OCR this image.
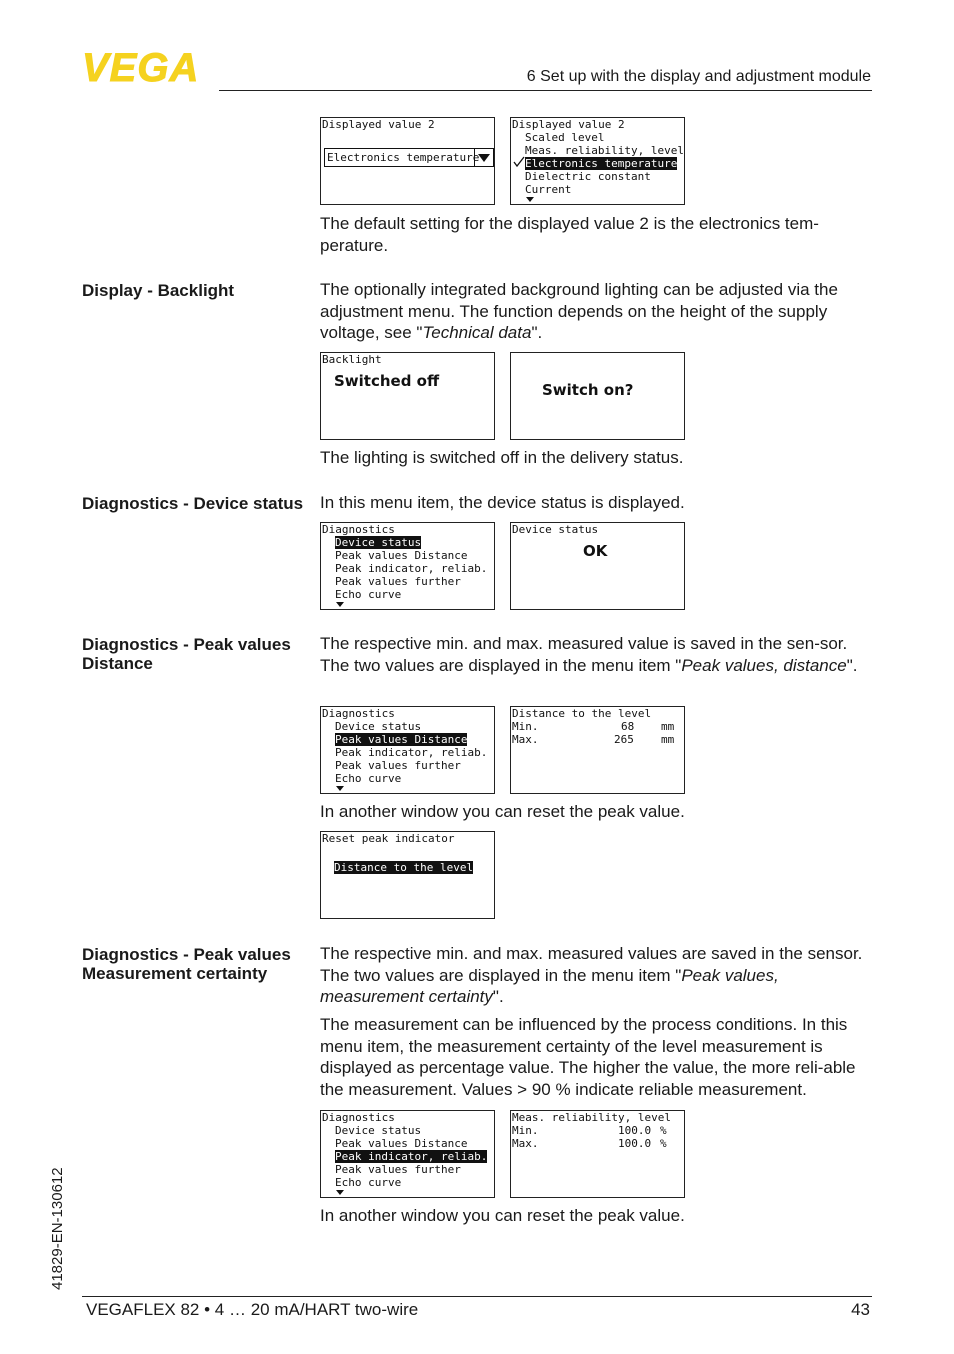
VEGA	6 Set up with the display and adjustment module
Displayed value 2
Electronics temperature
Displayed value 2
Scaled level
Meas. reliability, level
Electronics temperature
Dielectric constant
Current
The default setting for the displayed value 2 is the electronics tem-perature.
Display - Backlight	The optionally integrated background lighting can be adjusted via the adjustment menu. The function depends on the height of the supply voltage, see "Technical data".
Backlight
Switched off	Switch on?
The lighting is switched off in the delivery status.
Diagnostics - Device status In this menu item, the device status is displayed.
Diagnostics
Device status
Peak values Distance
Peak indicator, reliab.
Peak values further
Echo curve
Device status
OK
Diagnostics - Peak values Distance
The respective min. and max. measured value is saved in the sen-sor. The two values are displayed in the menu item "Peak values, distance".
Diagnostics
Device status
Peak values Distance
Peak indicator, reliab.
Peak values further
Echo curve
Distance to the level
Min.	68 mm
Max.	265 mm
In another window you can reset the peak value.
Reset peak indicator
Distance to the level
Diagnostics - Peak values Measurement certainty
The respective min. and max. measured values are saved in the sensor. The two values are displayed in the menu item "Peak values, measurement certainty".
The measurement can be influenced by the process conditions. In this menu item, the measurement certainty of the level measurement is displayed as percentage value. The higher the value, the more reli-able the measurement. Values > 90 % indicate reliable measurement.
Diagnostics
Device status
Peak values Distance
Peak indicator, reliab.
Peak values further
Echo curve
Meas. reliability, level
Min.	100.0 %
Max.	100.0 %
In another window you can reset the peak value.
41829-EN-130612
VEGAFLEX 82 • 4 … 20 mA/HART two-wire	43
